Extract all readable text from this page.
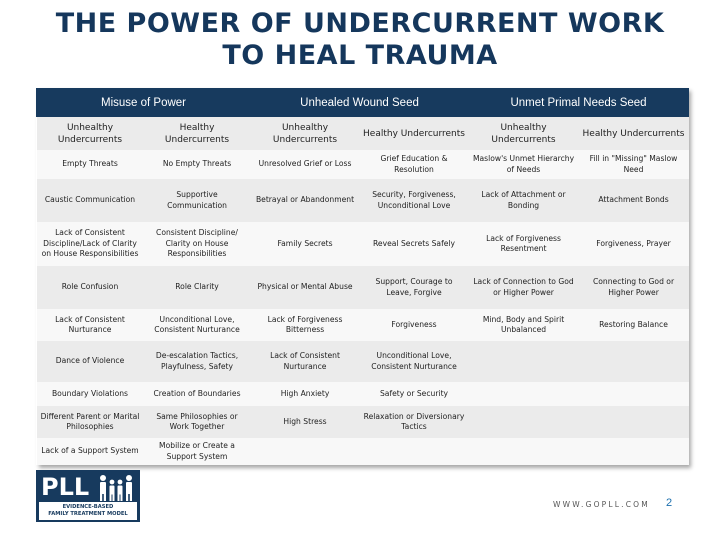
THE POWER OF UNDERCURRENT WORK
TO HEAL TRAUMA
Misuse of Power		Unhealed Wound Seed		Unmet Primal Needs Seed	
Unhealthy Undercurrents	Healthy Undercurrents	Unhealthy Undercurrents	Healthy Undercurrents	Unhealthy Undercurrents	Healthy Undercurrents
Empty Threats	No Empty Threats	Unresolved Grief or Loss	Grief Education & Resolution	Maslow's Unmet Hierarchy of Needs	Fill in "Missing" Maslow Need
Caustic Communication	Supportive Communication	Betrayal or Abandonment	Security, Forgiveness, Unconditional Love	Lack of Attachment or Bonding	Attachment Bonds
Lack of Consistent Discipline/Lack of Clarity on House Responsibilities	Consistent Discipline/ Clarity on House Responsibilities	Family Secrets	Reveal Secrets Safely	Lack of Forgiveness Resentment	Forgiveness, Prayer
Role Confusion	Role Clarity	Physical or Mental Abuse	Support, Courage to Leave, Forgive	Lack of Connection to God or Higher Power	Connecting to God or Higher Power
Lack of Consistent Nurturance	Unconditional Love, Consistent Nurturance	Lack of Forgiveness Bitterness	Forgiveness	Mind, Body and Spirit Unbalanced	Restoring Balance
Dance of Violence	De-escalation Tactics, Playfulness, Safety	Lack of Consistent Nurturance	Unconditional Love, Consistent Nurturance		
Boundary Violations	Creation of Boundaries	High Anxiety	Safety or Security		
Different Parent or Marital Philosophies	Same Philosophies or Work Together	High Stress	Relaxation or Diversionary Tactics		
Lack of a Support System	Mobilize or Create a Support System				
PLL
EVIDENCE-BASED
FAMILY TREATMENT MODEL
WWW.GOPLL.COM 2
